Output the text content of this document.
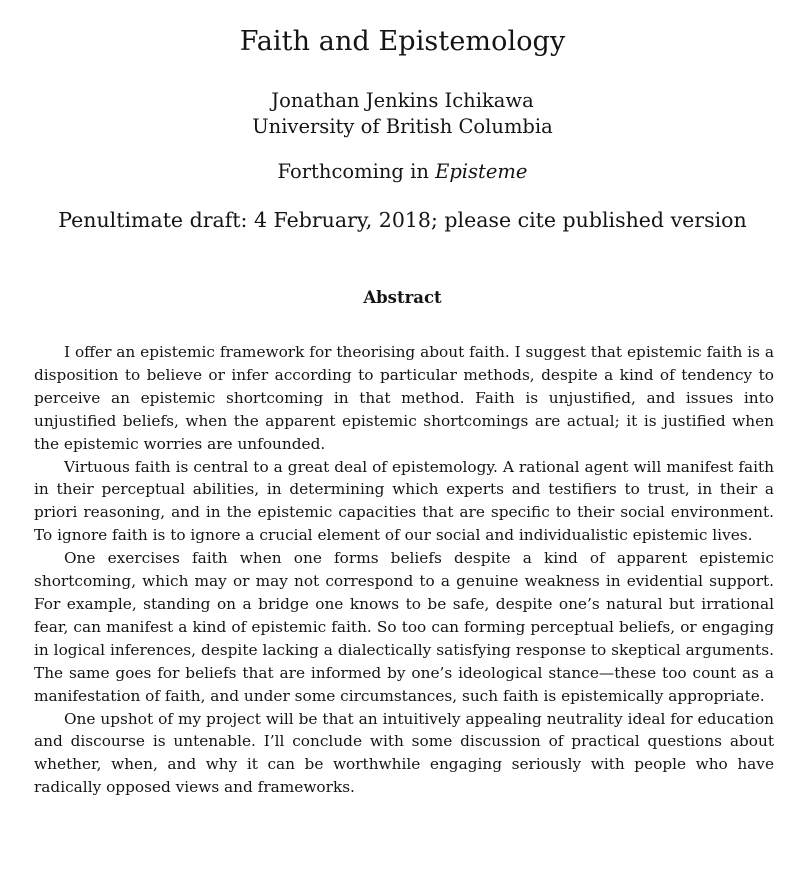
Faith and Epistemology
Jonathan Jenkins Ichikawa
University of British Columbia
Forthcoming in Episteme
Penultimate draft: 4 February, 2018; please cite published version
Abstract

I offer an epistemic framework for theorising about faith. I suggest that epistemic faith is a disposition to believe or infer according to particular methods, despite a kind of tendency to perceive an epistemic shortcoming in that method. Faith is unjustified, and issues into unjustified beliefs, when the apparent epistemic shortcomings are actual; it is justified when the epistemic worries are unfounded.

Virtuous faith is central to a great deal of epistemology. A rational agent will manifest faith in their perceptual abilities, in determining which experts and testifiers to trust, in their a priori reasoning, and in the epistemic capacities that are specific to their social environment. To ignore faith is to ignore a crucial element of our social and individualistic epistemic lives.

One exercises faith when one forms beliefs despite a kind of apparent epistemic shortcoming, which may or may not correspond to a genuine weakness in evidential support. For example, standing on a bridge one knows to be safe, despite one’s natural but irrational fear, can manifest a kind of epistemic faith. So too can forming perceptual beliefs, or engaging in logical inferences, despite lacking a dialectically satisfying response to skeptical arguments. The same goes for beliefs that are informed by one’s ideological stance—these too count as a manifestation of faith, and under some circumstances, such faith is epistemically appropriate.

One upshot of my project will be that an intuitively appealing neutrality ideal for education and discourse is untenable. I’ll conclude with some discussion of practical questions about whether, when, and why it can be worthwhile engaging seriously with people who have radically opposed views and frameworks.
